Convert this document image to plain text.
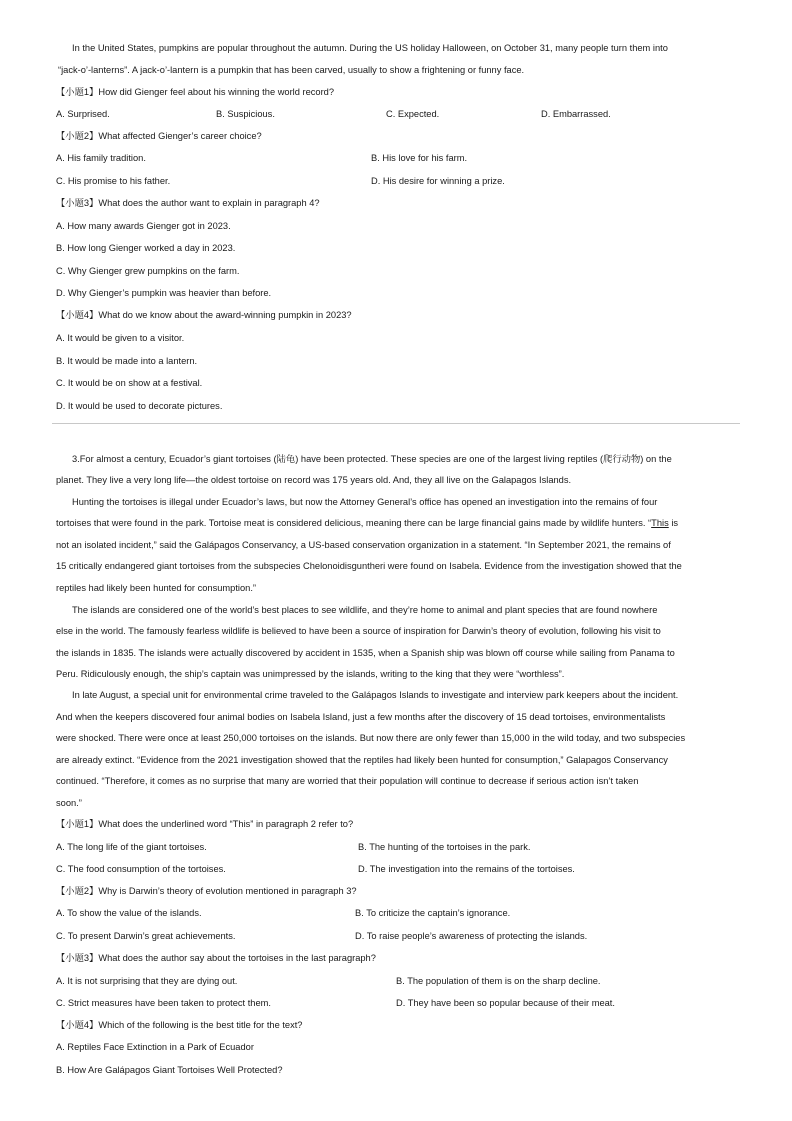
In the United States, pumpkins are popular throughout the autumn. During the US holiday Halloween, on October 31, many people turn them into
“jack-o’-lanterns”. A jack-o’-lantern is a pumpkin that has been carved, usually to show a frightening or funny face.
【小题1】How did Gienger feel about his winning the world record?
A. Surprised.	B. Suspicious.	C. Expected.	D. Embarrassed.
【小题2】What affected Gienger’s career choice?
A. His family tradition.	B. His love for his farm.
C. His promise to his father.	D. His desire for winning a prize.
【小题3】What does the author want to explain in paragraph 4?
A. How many awards Gienger got in 2023.
B. How long Gienger worked a day in 2023.
C. Why Gienger grew pumpkins on the farm.
D. Why Gienger’s pumpkin was heavier than before.
【小题4】What do we know about the award-winning pumpkin in 2023?
A. It would be given to a visitor.
B. It would be made into a lantern.
C. It would be on show at a festival.
D. It would be used to decorate pictures.
3.For almost a century, Ecuador’s giant tortoises (陆龟) have been protected. These species are one of the largest living reptiles (爬行动物) on the
planet. They live a very long life—the oldest tortoise on record was 175 years old. And, they all live on the Galapagos Islands.
Hunting the tortoises is illegal under Ecuador’s laws, but now the Attorney General’s office has opened an investigation into the remains of four
tortoises that were found in the park. Tortoise meat is considered delicious, meaning there can be large financial gains made by wildlife hunters. “This is
not an isolated incident,” said the Galápagos Conservancy, a US-based conservation organization in a statement. “In September 2021, the remains of
15 critically endangered giant tortoises from the subspecies Chelonoidisguntheri were found on Isabela. Evidence from the investigation showed that the
reptiles had likely been hunted for consumption.”
The islands are considered one of the world’s best places to see wildlife, and they’re home to animal and plant species that are found nowhere
else in the world. The famously fearless wildlife is believed to have been a source of inspiration for Darwin’s theory of evolution, following his visit to
the islands in 1835. The islands were actually discovered by accident in 1535, when a Spanish ship was blown off course while sailing from Panama to
Peru. Ridiculously enough, the ship’s captain was unimpressed by the islands, writing to the king that they were “worthless”.
In late August, a special unit for environmental crime traveled to the Galápagos Islands to investigate and interview park keepers about the incident.
And when the keepers discovered four animal bodies on Isabela Island, just a few months after the discovery of 15 dead tortoises, environmentalists
were shocked. There were once at least 250,000 tortoises on the islands. But now there are only fewer than 15,000 in the wild today, and two subspecies
are already extinct. “Evidence from the 2021 investigation showed that the reptiles had likely been hunted for consumption,” Galapagos Conservancy
continued. “Therefore, it comes as no surprise that many are worried that their population will continue to decrease if serious action isn’t taken
soon.”
【小题1】What does the underlined word “This” in paragraph 2 refer to?
A. The long life of the giant tortoises.	B. The hunting of the tortoises in the park.
C. The food consumption of the tortoises.	D. The investigation into the remains of the tortoises.
【小题2】Why is Darwin’s theory of evolution mentioned in paragraph 3?
A. To show the value of the islands.	B. To criticize the captain’s ignorance.
C. To present Darwin’s great achievements.	D. To raise people’s awareness of protecting the islands.
【小题3】What does the author say about the tortoises in the last paragraph?
A. It is not surprising that they are dying out.	B. The population of them is on the sharp decline.
C. Strict measures have been taken to protect them.	D. They have been so popular because of their meat.
【小题4】Which of the following is the best title for the text?
A. Reptiles Face Extinction in a Park of Ecuador
B. How Are Galápagos Giant Tortoises Well Protected?
